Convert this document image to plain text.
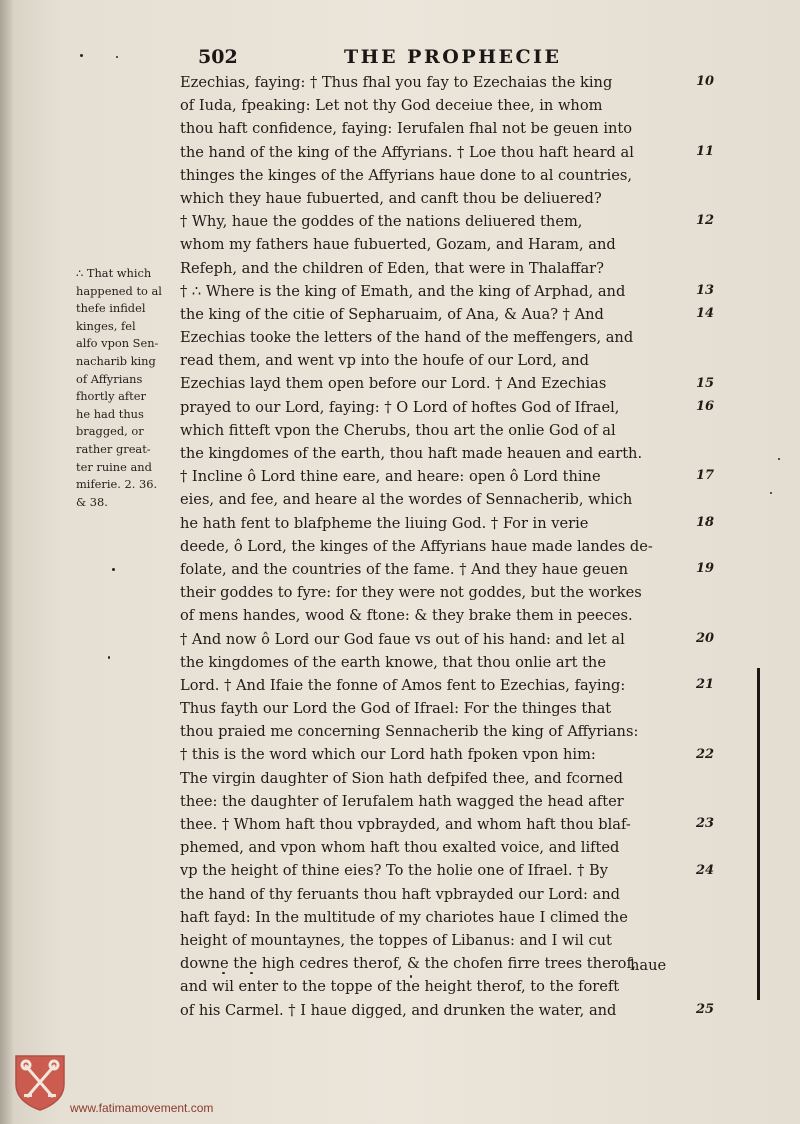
502	THE PROPHECIE
Ezechias, faying: † Thus fhal you fay to Ezechaias the king
of Iuda, fpeaking: Let not thy God deceiue thee, in whom
thou haft confidence, faying: Ierufalen fhal not be geuen into
the hand of the king of the Affyrians. † Loe thou haft heard al
thinges the kinges of the Affyrians haue done to al countries,
which they haue fubuerted, and canft thou be deliuered?
† Why, haue the goddes of the nations deliuered them,
whom my fathers haue fubuerted, Gozam, and Haram, and
Refeph, and the children of Eden, that were in Thalaffar?
† ∴ Where is the king of Emath, and the king of Arphad, and
the king of the citie of Sepharuaim, of Ana, & Aua? † And
Ezechias tooke the letters of the hand of the meffengers, and
read them, and went vp into the houfe of our Lord, and
Ezechias layd them open before our Lord. † And Ezechias
prayed to our Lord, faying: † O Lord of hoftes God of Ifrael,
which fitteft vpon the Cherubs, thou art the onlie God of al
the kingdomes of the earth, thou haft made heauen and earth.
† Incline ô Lord thine eare, and heare: open ô Lord thine
eies, and fee, and heare al the wordes of Sennacherib, which
he hath fent to blafpheme the liuing God. † For in verie
deede, ô Lord, the kinges of the Affyrians haue made landes de-
folate, and the countries of the fame. † And they haue geuen
their goddes to fyre: for they were not goddes, but the workes
of mens handes, wood & ftone: & they brake them in peeces.
† And now ô Lord our God faue vs out of his hand: and let al
the kingdomes of the earth knowe, that thou onlie art the
Lord. † And Ifaie the fonne of Amos fent to Ezechias, faying:
Thus fayth our Lord the God of Ifrael: For the thinges that
thou praied me concerning Sennacherib the king of Affyrians:
† this is the word which our Lord hath fpoken vpon him:
The virgin daughter of Sion hath defpifed thee, and fcorned
thee: the daughter of Ierufalem hath wagged the head after
thee. † Whom haft thou vpbrayded, and whom haft thou blaf-
phemed, and vpon whom haft thou exalted voice, and lifted
vp the height of thine eies? To the holie one of Ifrael. † By
the hand of thy feruants thou haft vpbrayded our Lord: and
haft fayd: In the multitude of my chariotes haue I climed the
height of mountaynes, the toppes of Libanus: and I wil cut
downe the high cedres therof, & the chofen firre trees therof,
and wil enter to the toppe of the height therof, to the foreft
of his Carmel. † I haue digged, and drunken the water, and
10
11
12
13
14
15
16
17
18
19
20
21
22
23
24
25
∴ That which
happened to al
thefe infidel
kinges, fel
alfo vpon Sen-
nacharib king
of Affyrians
fhortly after
he had thus
bragged, or
rather great-
ter ruine and
miferie. 2. 36.
& 38.
haue
www.fatimamovement.com
